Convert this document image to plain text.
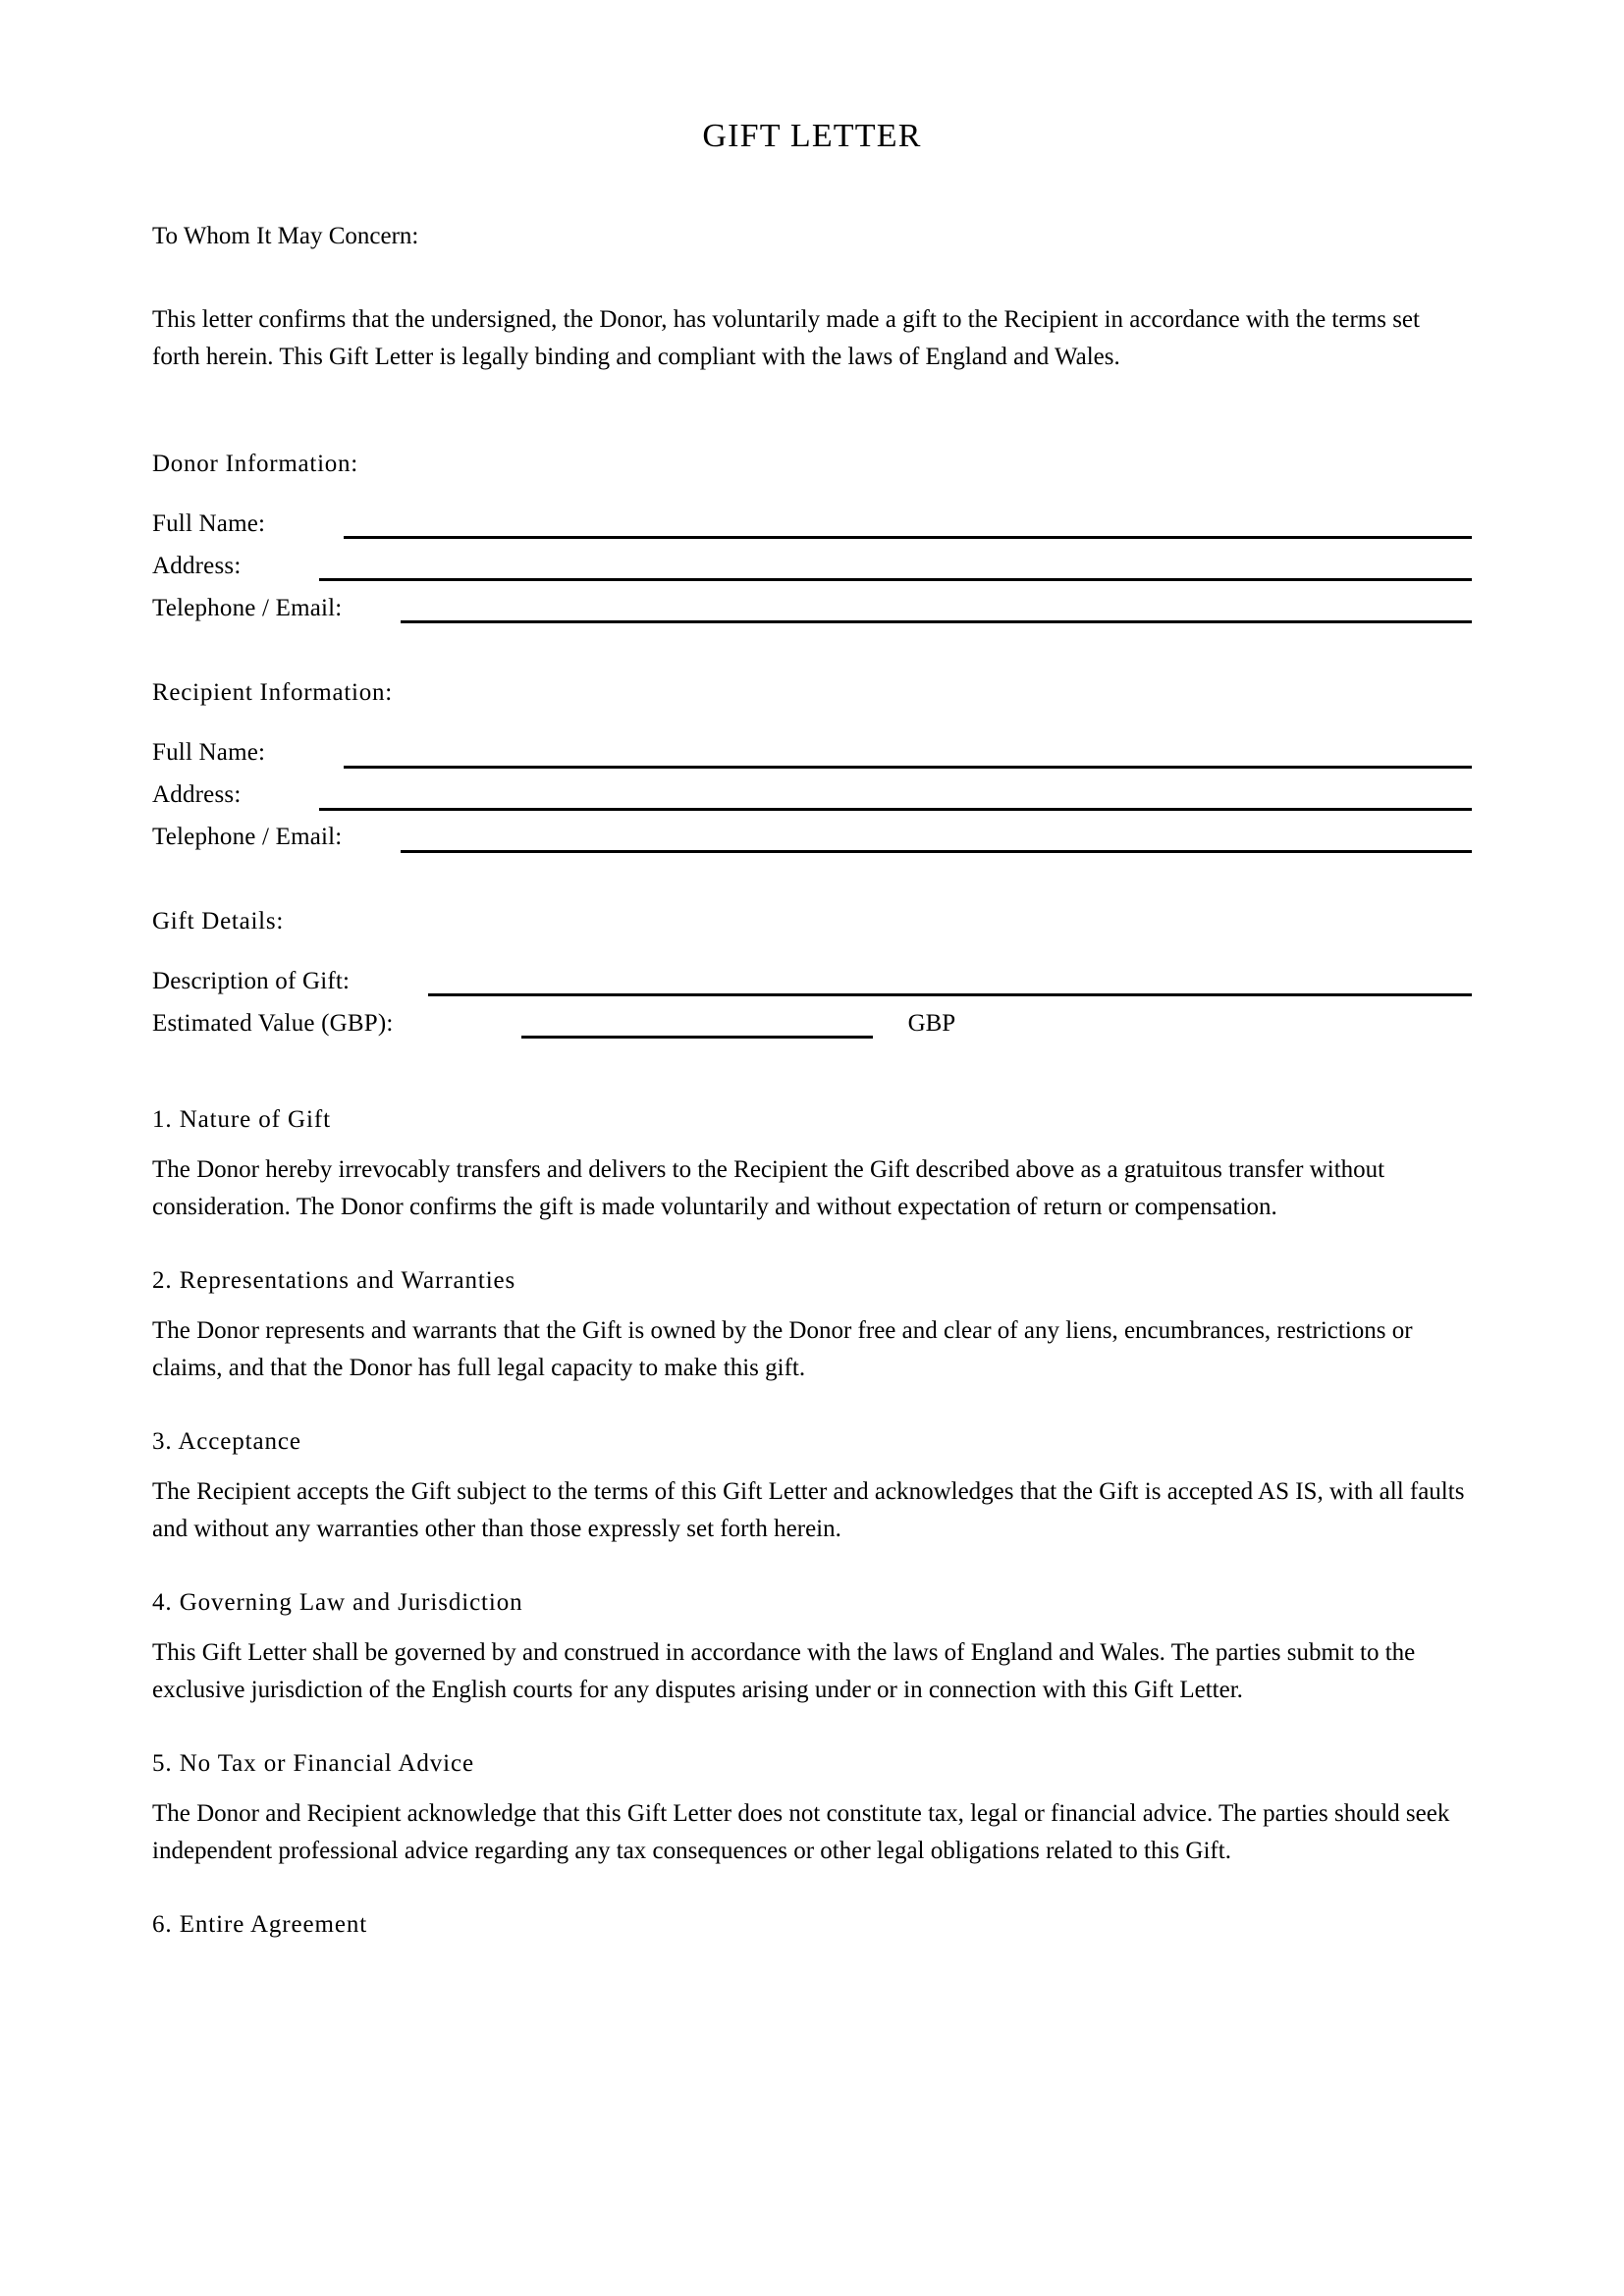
GIFT LETTER

To Whom It May Concern:

This letter confirms that the undersigned, the Donor, has voluntarily made a gift to the Recipient in accordance with the terms set forth herein. This Gift Letter is legally binding and compliant with the laws of England and Wales.

Donor Information:
Full Name:
Address:
Telephone / Email:
Recipient Information:
Full Name:
Address:
Telephone / Email:
Gift Details:
Description of Gift:
Estimated Value (GBP):	GBP
1. Nature of Gift

The Donor hereby irrevocably transfers and delivers to the Recipient the Gift described above as a gratuitous transfer without consideration. The Donor confirms the gift is made voluntarily and without expectation of return or compensation.

2. Representations and Warranties

The Donor represents and warrants that the Gift is owned by the Donor free and clear of any liens, encumbrances, restrictions or claims, and that the Donor has full legal capacity to make this gift.

3. Acceptance

The Recipient accepts the Gift subject to the terms of this Gift Letter and acknowledges that the Gift is accepted AS IS, with all faults and without any warranties other than those expressly set forth herein.

4. Governing Law and Jurisdiction

This Gift Letter shall be governed by and construed in accordance with the laws of England and Wales. The parties submit to the exclusive jurisdiction of the English courts for any disputes arising under or in connection with this Gift Letter.

5. No Tax or Financial Advice

The Donor and Recipient acknowledge that this Gift Letter does not constitute tax, legal or financial advice. The parties should seek independent professional advice regarding any tax consequences or other legal obligations related to this Gift.

6. Entire Agreement
